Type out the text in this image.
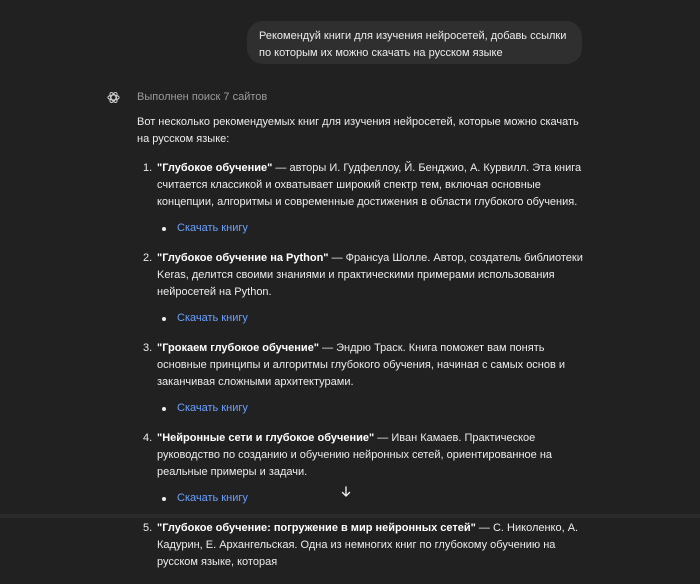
Рекомендуй книги для изучения нейросетей, добавь ссылки по которым их можно скачать на русском языке
Выполнен поиск 7 сайтов

Вот несколько рекомендуемых книг для изучения нейросетей, которые можно скачать на русском языке:

1. "Глубокое обучение" — авторы И. Гудфеллоу, Й. Бенджио, А. Курвилл. Эта книга считается классикой и охватывает широкий спектр тем, включая основные концепции, алгоритмы и современные достижения в области глубокого обучения.
Скачать книгу
2. "Глубокое обучение на Python" — Франсуа Шолле. Автор, создатель библиотеки Keras, делится своими знаниями и практическими примерами использования нейросетей на Python.
Скачать книгу
3. "Грокаем глубокое обучение" — Эндрю Траск. Книга поможет вам понять основные принципы и алгоритмы глубокого обучения, начиная с самых основ и заканчивая сложными архитектурами.
Скачать книгу
4. "Нейронные сети и глубокое обучение" — Иван Камаев. Практическое руководство по созданию и обучению нейронных сетей, ориентированное на реальные примеры и задачи.
Скачать книгу
5. "Глубокое обучение: погружение в мир нейронных сетей" — С. Николенко, А. Кадурин, Е. Архангельская. Одна из немногих книг по глубокому обучению на русском языке, которая
